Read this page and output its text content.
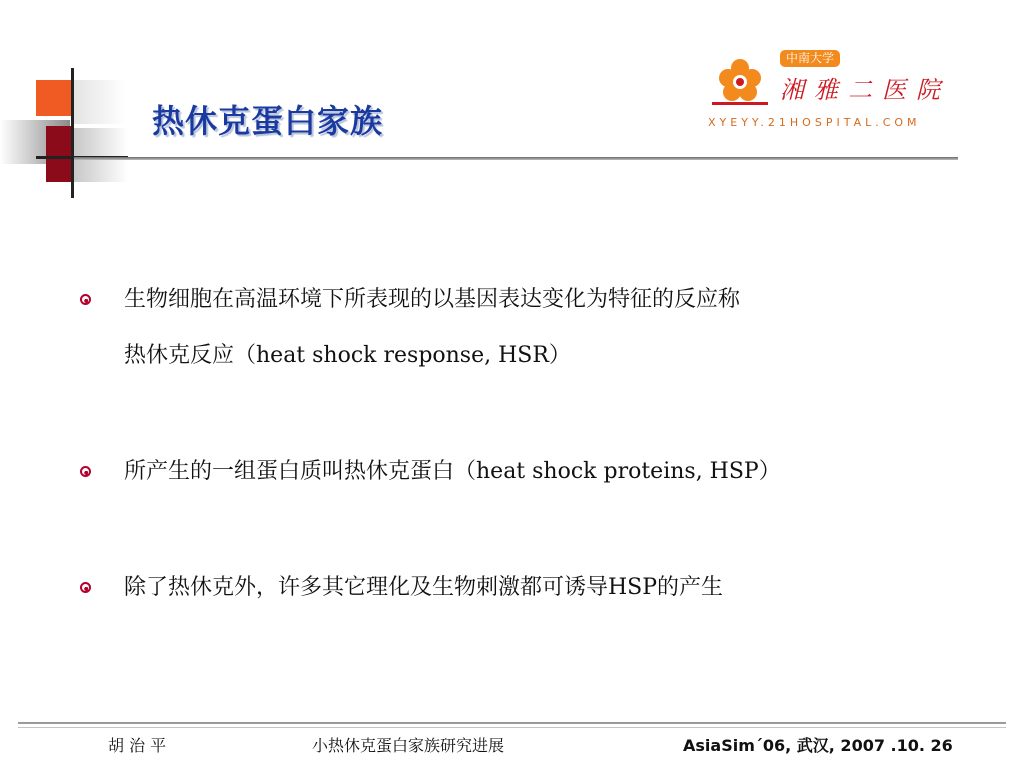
热休克蛋白家族
中南大学
湘雅二医院
XYEYY.21HOSPITAL.COM
生物细胞在高温环境下所表现的以基因表达变化为特征的反应称
热休克反应（heat shock response, HSR）
所产生的一组蛋白质叫热休克蛋白（heat shock proteins, HSP）
除了热休克外，许多其它理化及生物刺激都可诱导HSP的产生
胡 治 平	小热休克蛋白家族研究进展	AsiaSim´06, 武汉, 2007 .10. 26
